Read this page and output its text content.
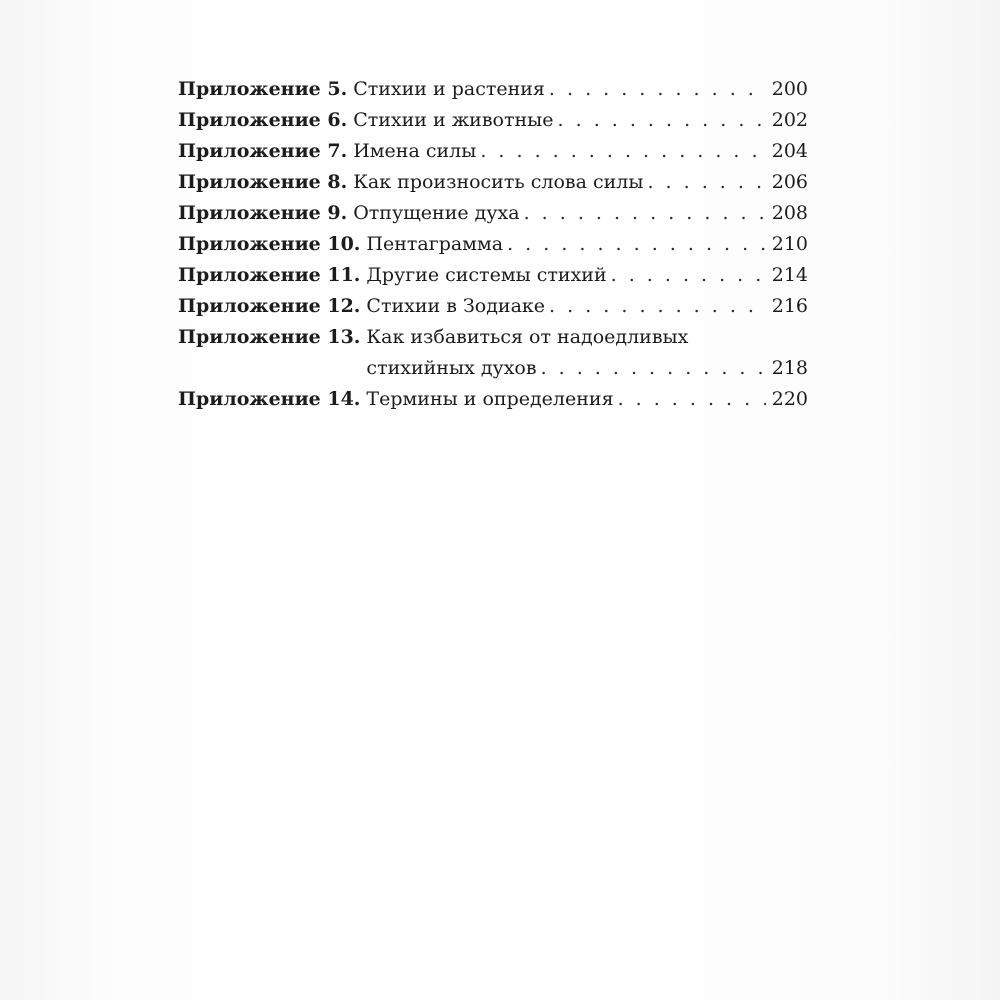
Приложение 5. Стихии и растения . . .	200
Приложение 6. Стихии и животные . . .	202
Приложение 7. Имена силы . . .	204
Приложение 8. Как произносить слова силы . . .	206
Приложение 9. Отпущение духа . . .	208
Приложение 10. Пентаграмма . . .	210
Приложение 11. Другие системы стихий . . .	214
Приложение 12. Стихии в Зодиаке . . .	216
Приложение 13. Как избавиться от надоедливых
стихийных духов . . .	218
Приложение 14. Термины и определения . . .	220
